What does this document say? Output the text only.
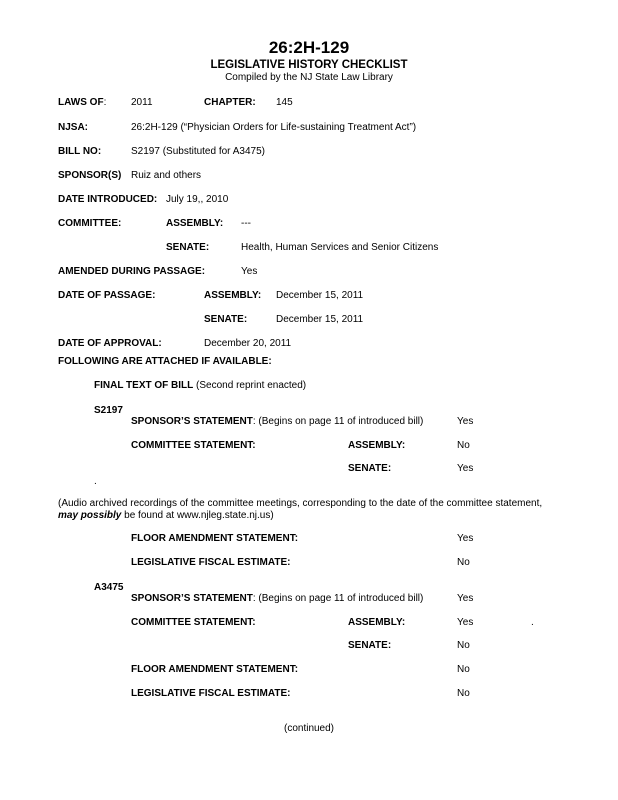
26:2H-129
LEGISLATIVE HISTORY CHECKLIST
Compiled by the NJ State Law Library
LAWS OF: 2011	CHAPTER: 145
NJSA:	26:2H-129 (“Physician Orders for Life-sustaining Treatment Act”)
BILL NO:	S2197 (Substituted for A3475)
SPONSOR(S) Ruiz and others
DATE INTRODUCED: July 19,, 2010
COMMITTEE:	ASSEMBLY: ---
SENATE:	Health, Human Services and Senior Citizens
AMENDED DURING PASSAGE:	Yes
DATE OF PASSAGE:	ASSEMBLY: December 15, 2011
SENATE:	December 15, 2011
DATE OF APPROVAL:	December 20, 2011
FOLLOWING ARE ATTACHED IF AVAILABLE:
FINAL TEXT OF BILL (Second reprint enacted)
S2197
SPONSOR’S STATEMENT: (Begins on page 11 of introduced bill)	Yes
COMMITTEE STATEMENT:	ASSEMBLY:	No
SENATE:	Yes
.
(Audio archived recordings of the committee meetings, corresponding to the date of the committee statement, may possibly be found at www.njleg.state.nj.us)
FLOOR AMENDMENT STATEMENT:	Yes
LEGISLATIVE FISCAL ESTIMATE:	No
A3475
SPONSOR’S STATEMENT: (Begins on page 11 of introduced bill)	Yes
COMMITTEE STATEMENT:	ASSEMBLY:	Yes	.
SENATE:	No
FLOOR AMENDMENT STATEMENT:	No
LEGISLATIVE FISCAL ESTIMATE:	No
(continued)
